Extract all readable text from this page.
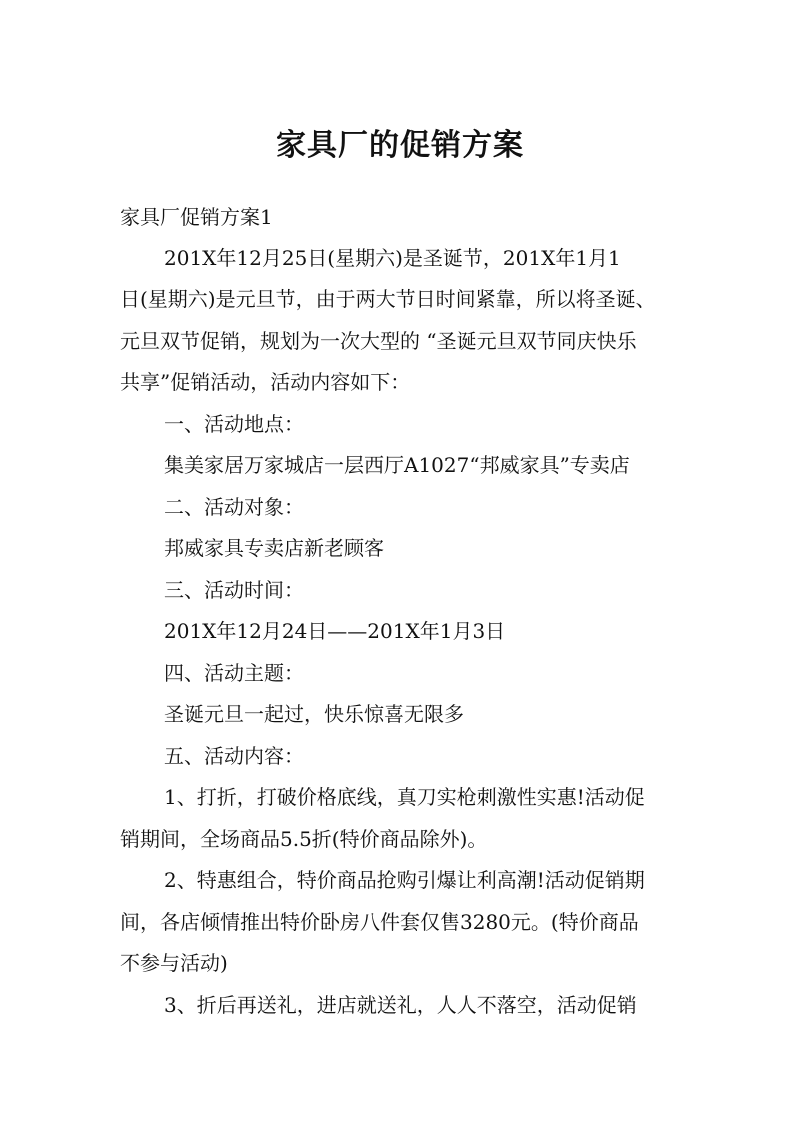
家具厂的促销方案
家具厂促销方案1
201X年12月25日(星期六)是圣诞节，201X年1月1
日(星期六)是元旦节，由于两大节日时间紧靠，所以将圣诞、
元旦双节促销，规划为一次大型的 “圣诞元旦双节同庆快乐
共享”促销活动，活动内容如下：
一、活动地点：
集美家居万家城店一层西厅A1027“邦威家具”专卖店
二、活动对象：
邦威家具专卖店新老顾客
三、活动时间：
201X年12月24日——201X年1月3日
四、活动主题：
圣诞元旦一起过，快乐惊喜无限多
五、活动内容：
1、打折，打破价格底线，真刀实枪刺激性实惠!活动促
销期间，全场商品5.5折(特价商品除外)。
2、特惠组合，特价商品抢购引爆让利高潮!活动促销期
间，各店倾情推出特价卧房八件套仅售3280元。(特价商品
不参与活动)
3、折后再送礼，进店就送礼，人人不落空，活动促销
